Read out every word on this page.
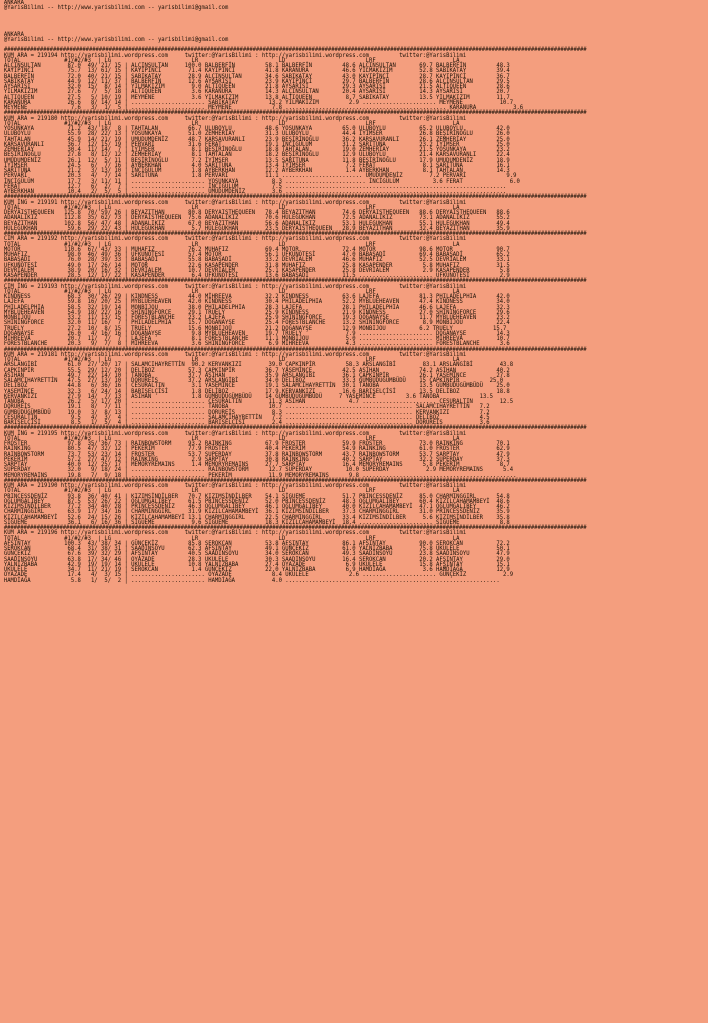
ANKARA
@YarisBilimi -- http://www.yarisbilimi.com -- yarisbilimi@gmail.com

ANKARA
@YarisBilimi -- http://www.yarisbilimi.com -- yarisbilimi@gmail.com

##################################################################################################################################################################################
KUM ARA = 219194 http://yarisbilimi.wordpress.com     twitter:@YarisBilimi : http://yarisbilimi.wordpress.com         twitter:@YarisBilimi
TOTAL             #1/#2/#3  | LG                        LR                        LD                        LRF                       LA
ALÇINSULTAN        87.0  49/ 21/ 15 | ALÇINSULTAN     100.0 BALBERFİN         58.1 BALBERFİN         48.6 ALÇINSULTAN       69.7 BALBERFİN         48.3
KAYIPİNCİ          75.7  13/ 61/ 15 | KAYIPİNCİ        71.4 KAYIPİNCİ         41.8 KARANURA          46.6 YILMAKIZIM        52.8 SABIKATAY         39.4
BALBERFİN          72.0  40/ 21/ 15 | SABIKATAY        28.9 ALÇINSULTAN       34.6 SABIKATAY         43.0 KAYIPİNCİ         28.7 KAYIPİNCİ         36.7
SABIKATAY          44.9  12/ 11/ 37 | BALBERFİN        12.6 AYSARISI          23.9 KAYIPİNCİ         29.7 BALBERFİN         28.6 ALÇINSULTAN       29.5
AYSARISI           32.0  15/  8/ 14 | YILMAKIZIM        9.0 ALTIQUEEN         21.8 AYSARISI          29.3 AYSARISI          21.5 ALTIQUEEN         28.6
YILMAKIZIM         27.6   7/  5/ 18 | ALTIQUEEN         3.6 KARANURA          14.3 ALÇINSULTAN       20.4 AYSARISI          14.3 AYSARISI          20.7
ALTIQUEEN          27.5   5/ 10/ 19 | MEYMENE           3.6 YILMAKIZIM        13.8 ALTIQUEEN          8.7 SABIKATAY         13.5 YILMAKIZIM        11.7
KARANURA           26.6   8/ 14/ 14 | ...................... SABIKATAY         13.2 YILMAKIZIM         2.9 ...................... MEYMENE           10.7
MEYMENE             7.6   3/  1/  5 | ...................... MEYMENE            7.8 ................................................ KARANURA           3.6
##################################################################################################################################################################################
KUM ARA = 219180 http://yarisbilimi.wordpress.com     twitter:@YarisBilimi : http://yarisbilimi.wordpress.com         twitter:@YarisBilimi
TOTAL             #1/#2/#3  | LG                        LR                        LD                        LRF                       LA
YOSUNKAYA          71.2  43/ 18/  8 | TAHTALAN         66.7 ULUBOYLU          48.6 YOSUNKAYA         65.0 ULUBOYLU          65.2 ULUBOYLU          42.0
ULUBOYLU           55.9  28/ 22/ 13 | YOSUNKAYA        51.0 ZEMHERİAY         31.3 ULUBOYLU          44.4 İYİMSER           26.8 BEŞİRİNOĞLU       26.0
TAHTALAN           45.9  14/ 21/ 19 | UMUDUMDENİZ      48.7 KARSAVURANLI      23.9 BEŞİRİNOĞLU       36.2 KARSAVURANLI      26.1 ZEMHERİAY         25.0
KARSAVURANLI       36.7  12/ 15/ 19 | PERVARİ          31.6 FERAT             19.1 İNCİGÜLÜM         31.2 SARITUNA          23.2 İYİMSER           25.0
ZEMHERİAY          30.4  11/ 14/  7 | İYİMSER           8.1 BEŞİRİNOĞLU       18.8 TAHTALAN          19.0 ZEMHERİAY         21.5 YOSUNKAYA         23.2
BEŞİRİNOĞLU        27.8   8/ 12/ 12 | ZEMHERİAY         8.1 TAHTALAN          18.2 BEŞİRİNOĞLU       12.9 ULUBOYLU          21.4 KARSAVURANLI      22.4
UMUDUMDENİZ        26.1  12/  5/ 11 | BEŞİRİNOĞLU       7.2 İYİMSER           13.5 SARITUNA          11.8 BEŞİRİNOĞLU       17.9 UMUDUMDENİZ       18.9
İYİMSER            24.5   6/  7/ 16 | AYBERKHAN         4.0 SARITUNA          13.4 İYİMSER            7.2 FERAT              8.1 SARITUNA          16.1
SARITUNA           21.2   3/ 13/ 10 | İNCİGÜLÜM         1.8 AYBERKHAN         12.2 AYBERKHAN          1.4 AYBERKHAN          8.1 TAHTALAN          14.3
PERVARİ            20.3   4/  7/ 14 | SARITUNA          1.8 PERVARİ           11.1 ........................ UMUDUMDENİZ        7.2 PERVARİ            9.9
İNCİGÜLÜM          17.7   3/ 11/ 11 | ...................... YOSUNKAYA          8.3 ........................ İNCİGÜLÜM          3.6 FERAT              6.0
FERAT              12.7   6/  2/  7 | ...................... İNCİGÜLÜM          7.5 ..................................................................
AYBERKHAN          10.4   2/  5/  5 | ...................... UMUDUMDENİZ        3.6 ..................................................................
##################################################################################################################################################################################
KUM İNG = 219191 http://yarisbilimi.wordpress.com     twitter:@YarisBilimi : http://yarisbilimi.wordpress.com         twitter:@YarisBilimi
TOTAL             #1/#2/#3  | LG                        LR                        LD                        LRF                       LA
DERYAISTHEQUEEN   125.8  70/ 59/ 26 | BEYAZITHAN       80.8 DERYAISTHEQUEEN   78.4 BEYAZITHAN        74.6 DERYAISTHEQUEEN   88.6 DERYAISTHEQUEEN   88.6
ADANALIKIZ        112.8  35/ 62/ 73 | DERYAISTHEQUEEN  75.6 ADANALIKIZ        70.6 HULEGUKHAN        72.5 ADANALIKIZ        73.1 ADANALIKIZ        55.2
BEYAZITHAN        102.8  56/ 47/ 48 | ADANALIKIZ       67.0 BEYAZITHAN        56.6 ADANALIKIZ        53.1 HULEGUKHAN        55.1 HULEGUKHAN        49.4
HULEGUKHAN         59.6  29/ 22/ 43 | HULEGUKHAN        5.7 HULEGUKHAN        23.5 DERYAISTHEQUEEN   28.9 BEYAZITHAN        32.4 BEYAZITHAN        35.9
##################################################################################################################################################################################
CIM ARA = 219192 http://yarisbilimi.wordpress.com     twitter:@YarisBilimi : http://yarisbilimi.wordpress.com         twitter:@YarisBilimi
TOTAL             #1/#2/#3  | LG                        LR                        LD                        LRF                       LA
MOTOR             110.6  67/ 43/ 33 | MUHAFIZ          76.2 MUHAFIZ           69.4 MOTOR             72.4 MOTOR             98.6 MOTOR             90.7
MUHAFIZ            98.0  46/ 49/ 36 | UFKUNÖTESİ       57.4 MOTOR             56.1 UFKUNÖTESİ        47.0 BABAŞADİ          69.4 BABAŞADİ          65.2
BABAŞADİ           76.0  28/ 39/ 33 | BABAŞADİ         55.8 BABAŞADİ          33.2 DEVRİALEM         46.6 MUHAFIZ           52.5 DEVRİALEM         33.1
UFKUNÖTESİ         49.0  17/ 26/ 14 | MOTOR            22.6 KASAPENDER        31.8 MUHAFIZ           25.8 KASAPENDER         5.8 MUHAFIZ           31.5
DEVRİALEM          38.9  20/ 16/ 32 | DEVRİALEM        10.7 DEVRİALEM         25.1 KASAPENDER        25.8 DEVRİALEM          2.9 KASAPENDER         5.8
KASAPENDER         28.5  12/ 17/ 22 | KASAPENDER        6.4 UFKUNÖTESİ        13.6 BABAŞADİ          11.5 ...................... UFKUNÖTESİ         2.9
##################################################################################################################################################################################
CIM İNG = 219193 http://yarisbilimi.wordpress.com     twitter:@YarisBilimi : http://yarisbilimi.wordpress.com         twitter:@YarisBilimi
TOTAL             #1/#2/#3  | LG                        LR                        LD                        LRF                       LA
KINDNESS           68.3  30/ 26/ 29 | KINDNESS         44.0 MİHREEVA          32.2 KINDNESS          63.6 LAJEFA            81.3 PHILADELPHIA      42.0
LAJEFA             59.8  16/ 20/ 25 | MYBLUEHEAVEN     42.0 KINDNESS          30.4 PHILADELPHIA      52.2 MYBLUEHEAVEN      47.4 KINDNESS          34.0
PHILADELPHIA       58.5  32/ 19/ 14 | MONBIJOU         38.0 PHILADELPHIA      28.3 LAJEFA            28.1 PHILADELPHIA      46.6 LAJEFA            32.3
MYBLUEHEAVEN       54.9  18/ 22/ 16 | SHININGFORCE     29.1 TRUELY            25.9 KINDNESS          21.9 KINDNESS          27.0 SHININGFORCE      29.6
MONBIJOU           33.2  11/ 13/ 15 | FORESTBLANCHE    23.2 LAJEFA            25.9 SHININGFORCE      19.3 DOĞANAYŞE         11.7 MYBLUEHEAVEN      23.2
SHININGFORCE       32.0  11/ 16/  7 | PHILADELPHIA     15.7 DOĞANAYŞE         25.4 FORESTBLANCHE     13.2 SHININGFORCE       8.9 MONBIJOU          22.4
TRUELY             27.2  10/  8/ 15 | TRUELY           15.6 MONBIJOU          21.2 DOĞANAYŞE         12.9 MONBIJOU          6.2 TRUELY            15.7
DOĞANAYŞE          26.0   4/ 16/ 16 | DOĞANAYŞE         9.8 MYBLUEHEAVEN      19.7 TRUELY             7.9 ...................... DOĞANAYŞE         14.3
MİHREEVA           20.7  11/  7/  7 | LAJEFA            8.1 FORESTBLANCHE     11.1 MONBIJOU           5.0 ...................... MİHREEVA          10.7
FORESTBLANCHE      20.3   9/  7/  8 | MİHREEVA          3.6 SHININGFORCE       6.9 MİHREEVA           4.3 ...................... FORESTBLANCHE      3.6
##################################################################################################################################################################################
KUM ARA = 219181 http://yarisbilimi.wordpress.com     twitter:@YarisBilimi : http://yarisbilimi.wordpress.com         twitter:@YarisBilimi
TOTAL             #1/#2/#3  | LG                        LR                        LD                        LRF                       LA
ARSLANGİBİ         61.0  27/ 20/ 17 | SALAMCIHAYRETTİN  90.2 KERVANKIZI        39.0 ÇAPKINPİR         58.3 ARSLANGİBİ        83.1 ARSLANGİBİ        43.8
ÇAPKINPİR          55.5  29/ 12/ 20 | DELİBOZ          57.3 ÇAPKINPİR         36.7 YASEMİNCE         42.5 ASİHAN            74.2 ASİHAN            40.2
ASİHAN             49.7  22/ 14/ 10 | TANOBA           37.7 ASİHAN            35.9 ARSLANGİBİ        36.1 ÇAPKINPİR         26.1 YASEMİNCE         27.8
SALAMCIHAYRETTİN   47.5  27/ 13/ 10 | DORUREİS         37.2 ARSLANGİBİ        34.0 DELİBOZ           33.3 GÜMBÜDÜGÜMBÜDÜ    15 ÇAPKINPİR         25.0
DELİBOZ            44.8   6/ 36/ 16 | CESURALTIN        3.1 YASEMİNCE         19.1 SALAMCIHAYRETTİN  30.1 TANOBA            13.5 GÜMBÜDÜGÜMBÜDÜ    25.0
YASEMİNCE          32.3   6/ 24/ 14 | BARIŞELÇİSİ       1.8 DELİBOZ           17.9 KERVANKIZI        16.6 BARIŞELÇİSİ       13.5 DELİBOZ           18.8
KERVANKIZI         27.9  14/  7/ 13 | ASİHAN            1.8 GÜMBÜDÜGÜMBÜDÜ    14 GÜMBÜDÜGÜMBÜDÜ     7 YASEMİNCE         3.6 TANOBA            13.5
TANOBA             26.2   5/ 17/ 20 | ...................... CESURALTIN        11.3 ASİHAN             4.7 ...................... CESURALTIN        12.5
DORUREİS           19.1   8/  7/ 11 | ...................... TANOBA            10.7 ...................................... SALAMCIHAYRETTİN   7.2
GÜMBÜDÜGÜMBÜDÜ     19.0   3/  8/ 13 | ...................... DORUREİS           8.3 ...................................... KERVANKIZI         7.2
CESURALTIN          9.5   4/  3/  4 | ...................... SALAMCIHAYRETTİN   7.2 ...................................... DELİBOZ            4.5
BARIŞELÇİSİ         8.5   1/  5/  4 | ...................... BARIŞELÇİSİ        2.4 ...................................... DORUREİS           3.6
##################################################################################################################################################################################
KUM İNG = 219195 http://yarisbilimi.wordpress.com     twitter:@YarisBilimi : http://yarisbilimi.wordpress.com         twitter:@YarisBilimi
TOTAL             #1/#2/#3  | LG                        LR                        LD                        LRF                       LA
FROSTER            97.8  35/ 36/ 73 | RAINBOWSTORM     93.2 RAINKING          67.9 FROSTER           59.9 FROSTER           73.0 RAINKING          70.1
RAINKING           80.5  47/ 32/ 12 | PEKERİM          77.9 FROSTER           40.4 PEKERİM           54.9 RAINKING          61.0 FROSTER           62.9
RAINBOWSTORM       73.7  53/ 23/ 14 | FROSTER          53.7 SUPERDAY          37.8 RAINBOWSTORM      43.7 RAINBOWSTORM      53.7 SARPTAY           47.9
PEKERİM            57.2  27/ 47/ 12 | RAINKING          2.9 SARPTAY           30.8 RAINKING          40.2 SARPTAY           32.2 SUPERDAY          37.3
SARPTAY            40.0  12/ 25/ 17 | MEMORYREMAINS     1.4 MEMORYREMAINS     27.7 SARPTAY           16.4 MEMORYREMAINS      5.8 PEKERİM            8.7
SUPERDAY           32.0   9/ 18/ 24 | ...................... RAINBOWSTORM      12.7 SUPERDAY          10.0 SUPERDAY           2.9 MEMORYREMAINS      5.4
MEMORYREMAINS      19.8   7/  9/ 18 | ...................... PEKERİM           11.9 MEMORYREMAINS      9.8 ..............................................
##################################################################################################################################################################################
KUM ARA = 219190 http://yarisbilimi.wordpress.com     twitter:@YarisBilimi : http://yarisbilimi.wordpress.com         twitter:@YarisBilimi
TOTAL             #1/#2/#3  | LG                        LR                        LD                        LRF                       LA
PRINCESSDENİZ      93.8  36/ 40/ 41 | KIZIMSİNDİLBER   70.7 KIZIMSİNDİLBER    54.1 SİGUEME           51.7 PRINCESSDENİZ     85.0 CHARMINGGIRL      54.8
OĞLUMGALİBEY       87.5  53/ 26/ 22 | OĞLUMGALİBEY     61.5 PRINCESSDENİZ     52.0 PRINCESSDENİZ     48.3 OĞLUMGALİBEY      60.4 KIZILCAHAMAMBEYİ  48.6
KIZIMSİNDİLBER     77.2  34/ 40/ 28 | PRINCESSDENİZ    46.3 OĞLUMGALİBEY      46.1 OĞLUMGALİBEY      40.0 KIZILCAHAMAMBEYİ  47.1 OĞLUMGALİBEY      46.2
CHARMINGGIRL       63.9  17/ 34/ 16 | CHARMINGGIRL     31.9 KIZILCAHAMAMBEYİ  36.1 KIZIMSİNDİLBER    37.3 CHARMINGGIRL      31.0 PRINCESSDENİZ     35.9
KIZILCAHAMAMBEYİ   52.6  24/ 15/ 26 | KIZILCAHAMAMBEYİ 13.1 CHARMINGGIRL      22.5 CHARMINGGIRL      33.4 KIZIMSİNDİLBER     5.6 KIZIMSİNDİLBER    35.8
SİGUEME            36.1   6/ 16/ 36 | SİGUEME           9.6 SİGUEME           18.3 KIZILCAHAMAMBEYİ  18.4 ...................... SİGUEME            8.8
##################################################################################################################################################################################
KUM ARA = 219196 http://yarisbilimi.wordpress.com     twitter:@YarisBilimi : http://yarisbilimi.wordpress.com         twitter:@YarisBilimi
TOTAL             #1/#2/#3  | LG                        LR                        LD                        LRF                       LA
AFŞINTAY          100.3  43/ 38/ 34 | GÜNÇEKİZ         85.8 SEROKCAN          53.8 AFŞINTAY          86.1 AFŞINTAY          90.0 SEROKCAN          72.2
SEROKCAN           68.4  31/ 38/ 31 | SAADINSOYU       62.3 AFŞINTAY          49.1 GÜNÇEKİZ          61.0 YALNIZBABA        75.8 UKULELE           50.1
GÜNÇEKİZ           67.6  39/ 32/ 29 | AFŞINTAY         40.5 SAADINSOYU        34.0 SEROKCAN          49.3 SAADINSOYU        23.8 SAADINSOYU        47.9
SAADINSOYU         63.8  17/ 34/ 46 | OYAZADE          28.3 UKULELE           30.3 SAADINSOYU        16.4 SEROKCAN          20.2 AFŞINTAY          29.0
YALNIZBABA         42.9  19/ 19/ 14 | UKULELE          10.8 YALNIZBABA        27.4 OYAZADE            6.9 UKULELE           15.8 AFŞINTAY          15.1
UKULELE            34.7  11/ 21/ 19 | SEROKCAN          1.4 GÜNÇEKİZ          22.0 YALNIZBABA         6.9 HAMDİAĞA           3.6 HAMDİAĞA          12.9
OYAZADE            17.4   4/  3/ 15 | ...................... OYAZADE            8.4 UKULELE            2.6 ...................... GÜNÇEKİZ           2.9
HAMDİAĞA            5.8   1/  5/  2 | ...................... HAMDİAĞA           4.0 ................................................................
